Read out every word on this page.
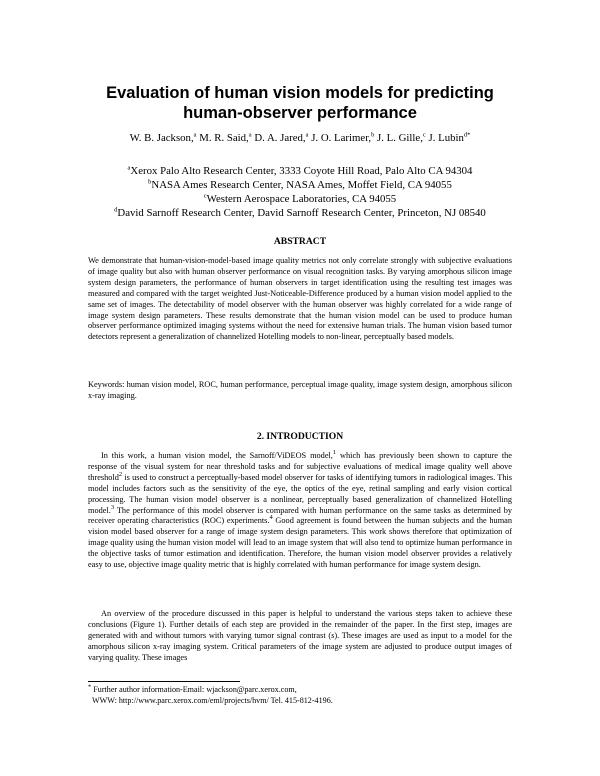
Evaluation of human vision models for predicting
human-observer performance
W. B. Jackson,$^a$ M. R. Said,$^a$ D. A. Jared,$^a$ J. O. Larimer,$^b$ J. L. Gille,$^c$ J. Lubin$^{d*}$
$^a$Xerox Palo Alto Research Center, 3333 Coyote Hill Road, Palo Alto CA 94304
$^b$NASA Ames Research Center, NASA Ames, Moffet Field, CA 94055
$^c$Western Aerospace Laboratories, CA 94055
$^d$David Sarnoff Research Center, David Sarnoff Research Center, Princeton, NJ 08540
ABSTRACT
We demonstrate that human-vision-model-based image quality metrics not only correlate strongly with subjective evaluations of image quality but also with human observer performance on visual recognition tasks. By varying amorphous silicon image system design parameters, the performance of human observers in target identification using the resulting test images was measured and compared with the target weighted Just-Noticeable-Difference produced by a human vision model applied to the same set of images. The detectability of model observer with the human observer was highly correlated for a wide range of image system design parameters. These results demonstrate that the human vision model can be used to produce human observer performance optimized imaging systems without the need for extensive human trials. The human vision based tumor detectors represent a generalization of channelized Hotelling models to non-linear, perceptually based models.
Keywords: human vision model, ROC, human performance, perceptual image quality, image system design, amorphous silicon x-ray imaging.
2. INTRODUCTION
In this work, a human vision model, the Sarnoff/ViDEOS model,$^1$ which has previously been shown to capture the response of the visual system for near threshold tasks and for subjective evaluations of medical image quality well above threshold$^2$ is used to construct a perceptually-based model observer for tasks of identifying tumors in radiological images. This model includes factors such as the sensitivity of the eye, the optics of the eye, retinal sampling and early vision cortical processing. The human vision model observer is a nonlinear, perceptually based generalization of channelized Hotelling model.$^3$ The performance of this model observer is compared with human performance on the same tasks as determined by receiver operating characteristics (ROC) experiments.$^4$ Good agreement is found between the human subjects and the human vision model based observer for a range of image system design parameters. This work shows therefore that optimization of image quality using the human vision model will lead to an image system that will also tend to optimize human performance in the objective tasks of tumor estimation and identification. Therefore, the human vision model observer provides a relatively easy to use, objective image quality metric that is highly correlated with human performance for image system design.
An overview of the procedure discussed in this paper is helpful to understand the various steps taken to achieve these conclusions (Figure 1). Further details of each step are provided in the remainder of the paper. In the first step, images are generated with and without tumors with varying tumor signal contrast (s). These images are used as input to a model for the amorphous silicon x-ray imaging system. Critical parameters of the image system are adjusted to produce output images of varying quality. These images
* Further author information-Email: wjackson@parc.xerox.com,
WWW: http://www.parc.xerox.com/eml/projects/hvm/ Tel. 415-812-4196.
